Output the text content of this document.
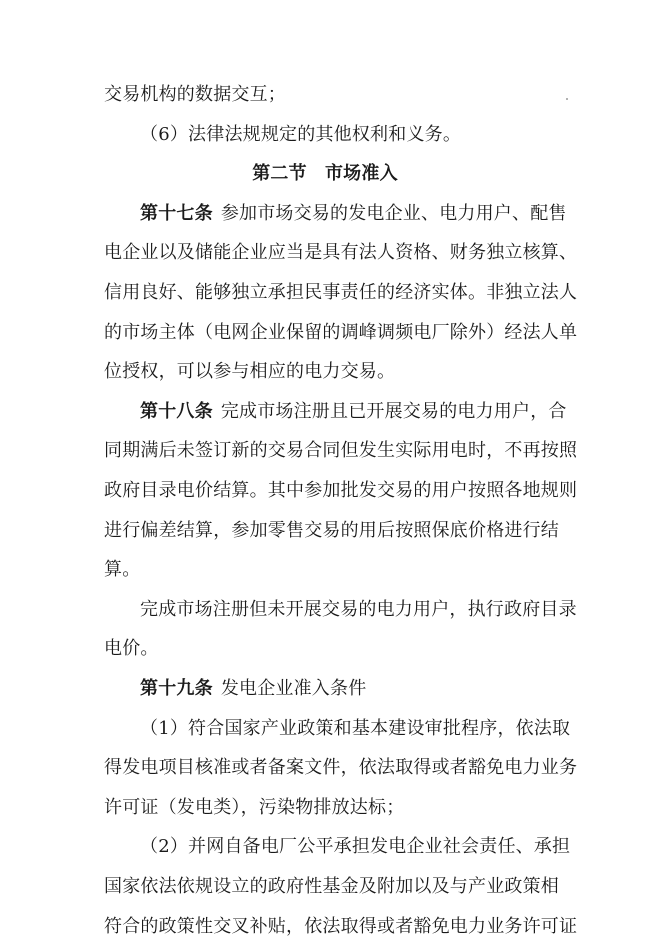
交易机构的数据交互；
（6）法律法规规定的其他权利和义务。
第二节　市场准入
第十七条 参加市场交易的发电企业、电力用户、配售
电企业以及储能企业应当是具有法人资格、财务独立核算、
信用良好、能够独立承担民事责任的经济实体。非独立法人
的市场主体（电网企业保留的调峰调频电厂除外）经法人单
位授权，可以参与相应的电力交易。
第十八条 完成市场注册且已开展交易的电力用户，合
同期满后未签订新的交易合同但发生实际用电时，不再按照
政府目录电价结算。其中参加批发交易的用户按照各地规则
进行偏差结算，参加零售交易的用后按照保底价格进行结
算。
完成市场注册但未开展交易的电力用户，执行政府目录
电价。
第十九条 发电企业准入条件
（1）符合国家产业政策和基本建设审批程序，依法取
得发电项目核准或者备案文件，依法取得或者豁免电力业务
许可证（发电类），污染物排放达标；
（2）并网自备电厂公平承担发电企业社会责任、承担
国家依法依规设立的政府性基金及附加以及与产业政策相
符合的政策性交叉补贴，依法取得或者豁免电力业务许可证
